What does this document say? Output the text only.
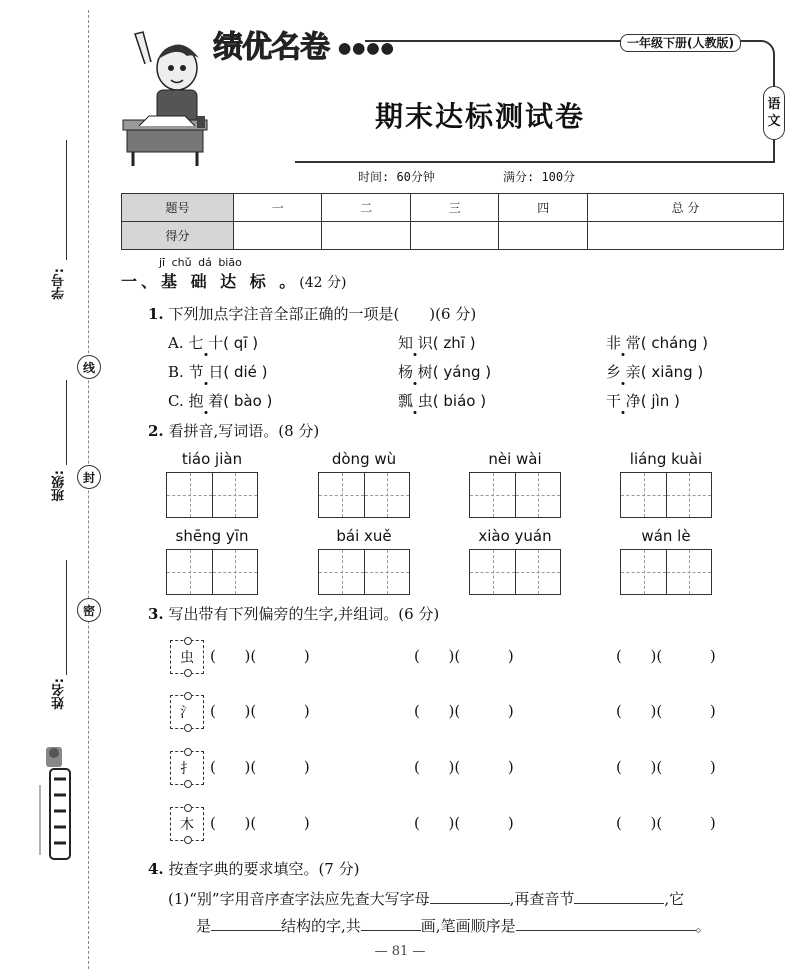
学号:
线
班级:	封
密
姓名:
绩优名卷 ●●●●	一年级下册(人教版)
语
文
期末达标测试卷
时间: 60分钟	满分: 100分
题号	一	二	三	四	总 分
得分					
jī chǔ dá biāo
一、基 础 达 标 。(42 分)
1. 下列加点字注音全部正确的一项是(　　)(6 分)
A. 七 十( qī )	知 识( zhī )	非 常( cháng )
B. 节 日( dié )	杨 树( yáng )	乡 亲( xiāng )
C. 抱 着( bào )	瓢 虫( biáo )	干 净( jìn )
2. 看拼音,写词语。(8 分)
tiáo jiàn	dòng wù	nèi wài	liáng kuài
shēng yīn	bái xuě	xiào yuán	wán lè
3. 写出带有下列偏旁的生字,并组词。(6 分)
虫	(      )(          )	(      )(          )	(      )(          )
氵	(      )(          )	(      )(          )	(      )(          )
扌	(      )(          )	(      )(          )	(      )(          )
木	(      )(          )	(      )(          )	(      )(          )
4. 按查字典的要求填空。(7 分)
(1)“别”字用音序查字法应先查大写字母	,再查音节	,它
是	结构的字,共	画,笔画顺序是	。
— 81 —
